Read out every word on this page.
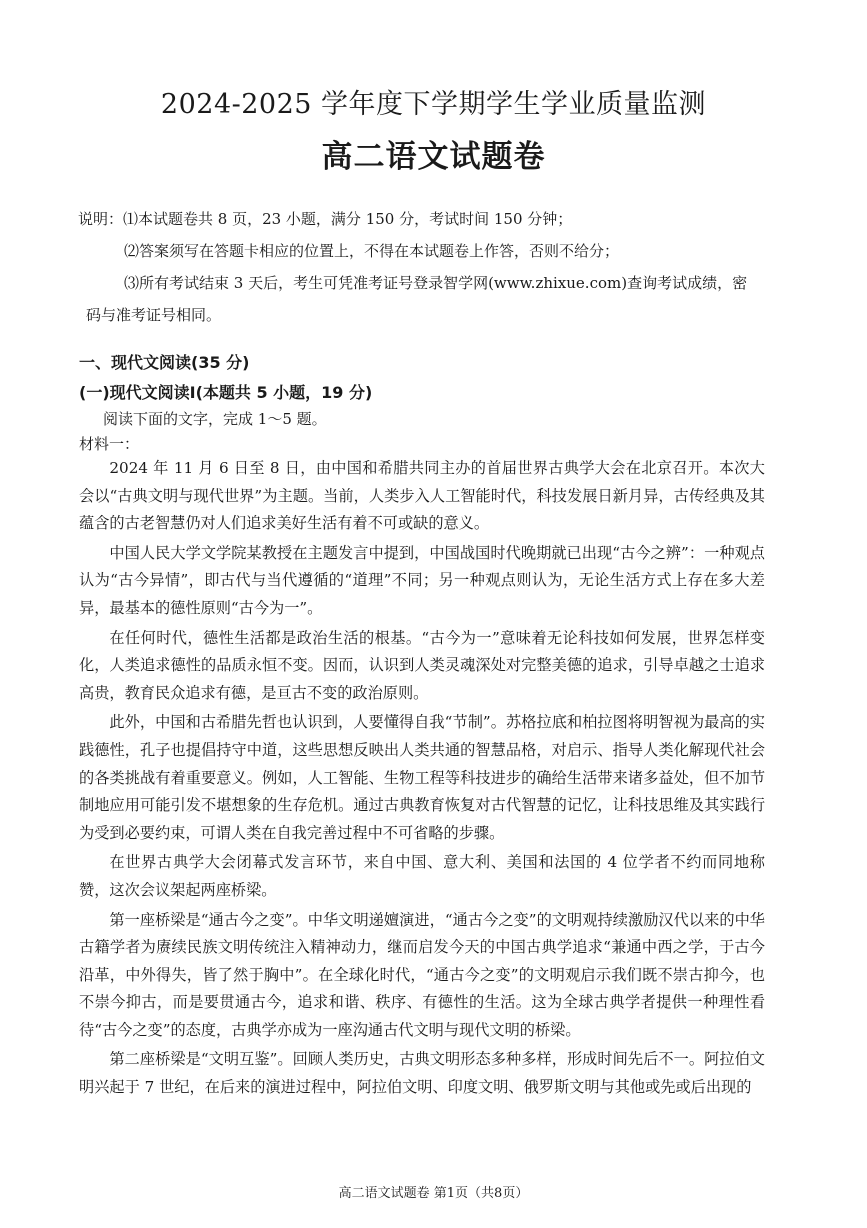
2024-2025 学年度下学期学生学业质量监测
高二语文试题卷
说明：⑴本试题卷共 8 页，23 小题，满分 150 分，考试时间 150 分钟；
⑵答案须写在答题卡相应的位置上，不得在本试题卷上作答，否则不给分；
⑶所有考试结束 3 天后，考生可凭准考证号登录智学网(www.zhixue.com)查询考试成绩，密
码与准考证号相同。
一、现代文阅读(35 分)
(一)现代文阅读Ⅰ(本题共 5 小题，19 分)
阅读下面的文字，完成 1～5 题。
材料一：

2024 年 11 月 6 日至 8 日，由中国和希腊共同主办的首届世界古典学大会在北京召开。本次大会以“古典文明与现代世界”为主题。当前，人类步入人工智能时代，科技发展日新月异，古传经典及其蕴含的古老智慧仍对人们追求美好生活有着不可或缺的意义。

中国人民大学文学院某教授在主题发言中提到，中国战国时代晚期就已出现“古今之辨”：一种观点认为“古今异情”，即古代与当代遵循的“道理”不同；另一种观点则认为，无论生活方式上存在多大差异，最基本的德性原则“古今为一”。

在任何时代，德性生活都是政治生活的根基。“古今为一”意味着无论科技如何发展，世界怎样变化，人类追求德性的品质永恒不变。因而，认识到人类灵魂深处对完整美德的追求，引导卓越之士追求高贵，教育民众追求有德，是亘古不变的政治原则。

此外，中国和古希腊先哲也认识到，人要懂得自我“节制”。苏格拉底和柏拉图将明智视为最高的实践德性，孔子也提倡持守中道，这些思想反映出人类共通的智慧品格，对启示、指导人类化解现代社会的各类挑战有着重要意义。例如，人工智能、生物工程等科技进步的确给生活带来诸多益处，但不加节制地应用可能引发不堪想象的生存危机。通过古典教育恢复对古代智慧的记忆，让科技思维及其实践行为受到必要约束，可谓人类在自我完善过程中不可省略的步骤。

在世界古典学大会闭幕式发言环节，来自中国、意大利、美国和法国的 4 位学者不约而同地称赞，这次会议架起两座桥梁。

第一座桥梁是“通古今之变”。中华文明递嬗演进，“通古今之变”的文明观持续激励汉代以来的中华古籍学者为赓续民族文明传统注入精神动力，继而启发今天的中国古典学追求“兼通中西之学，于古今沿革，中外得失，皆了然于胸中”。在全球化时代，“通古今之变”的文明观启示我们既不崇古抑今，也不崇今抑古，而是要贯通古今，追求和谐、秩序、有德性的生活。这为全球古典学者提供一种理性看待“古今之变”的态度，古典学亦成为一座沟通古代文明与现代文明的桥梁。

第二座桥梁是“文明互鉴”。回顾人类历史，古典文明形态多种多样，形成时间先后不一。阿拉伯文明兴起于 7 世纪，在后来的演进过程中，阿拉伯文明、印度文明、俄罗斯文明与其他或先或后出现的

高二语文试题卷 第1页（共8页）
